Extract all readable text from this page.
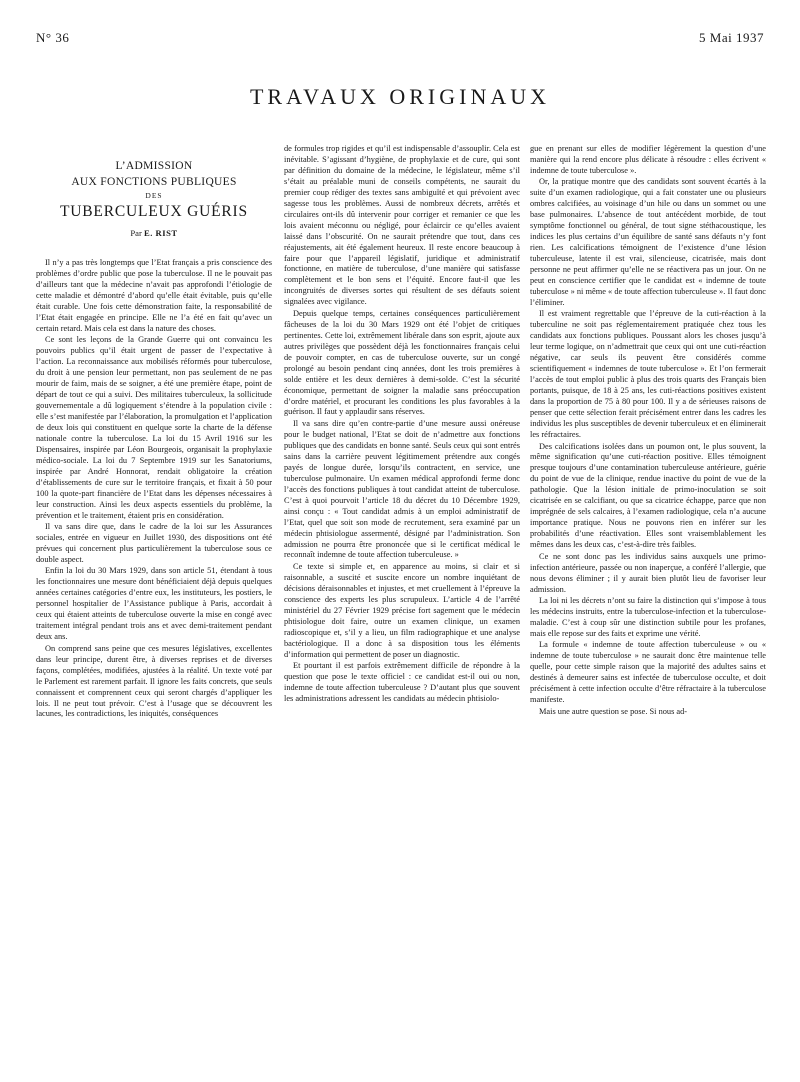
N° 36	5 Mai 1937
TRAVAUX ORIGINAUX
L’ADMISSION
AUX FONCTIONS PUBLIQUES
DES
TUBERCULEUX GUÉRIS
Par E. RIST

Il n’y a pas très longtemps que l’Etat français a pris conscience des problèmes d’ordre public que pose la tuberculose. Il ne le pouvait pas d’ailleurs tant que la médecine n’avait pas approfondi l’étiologie de cette maladie et démontré d’abord qu’elle était évitable, puis qu’elle était curable. Une fois cette démonstration faite, la responsabilité de l’Etat était engagée en principe. Elle ne l’a été en fait qu’avec un certain retard. Mais cela est dans la nature des choses.

Ce sont les leçons de la Grande Guerre qui ont convaincu les pouvoirs publics qu’il était urgent de passer de l’expectative à l’action. La reconnaissance aux mobilisés réformés pour tuberculose, du droit à une pension leur permettant, non pas seulement de ne pas mourir de faim, mais de se soigner, a été une première étape, point de départ de tout ce qui a suivi. Des militaires tuberculeux, la sollicitude gouvernementale a dû logiquement s’étendre à la population civile : elle s’est manifestée par l’élaboration, la promulgation et l’application de deux lois qui constituent en quelque sorte la charte de la défense nationale contre la tuberculose. La loi du 15 Avril 1916 sur les Dispensaires, inspirée par Léon Bourgeois, organisait la prophylaxie médico-sociale. La loi du 7 Septembre 1919 sur les Sanatoriums, inspirée par André Honnorat, rendait obligatoire la création d’établissements de cure sur le territoire français, et fixait à 50 pour 100 la quote-part financière de l’Etat dans les dépenses nécessaires à leur construction. Ainsi les deux aspects essentiels du problème, la prévention et le traitement, étaient pris en considération.

Il va sans dire que, dans le cadre de la loi sur les Assurances sociales, entrée en vigueur en Juillet 1930, des dispositions ont été prévues qui concernent plus particulièrement la tuberculose sous ce double aspect.

Enfin la loi du 30 Mars 1929, dans son article 51, étendant à tous les fonctionnaires une mesure dont bénéficiaient déjà depuis quelques années certaines catégories d’entre eux, les instituteurs, les postiers, le personnel hospitalier de l’Assistance publique à Paris, accordait à ceux qui étaient atteints de tuberculose ouverte la mise en congé avec traitement intégral pendant trois ans et avec demi-traitement pendant deux ans.

On comprend sans peine que ces mesures législatives, excellentes dans leur principe, durent être, à diverses reprises et de diverses façons, complétées, modifiées, ajustées à la réalité. Un texte voté par le Parlement est rarement parfait. Il ignore les faits concrets, que seuls connaissent et comprennent ceux qui seront chargés d’appliquer les lois. Il ne peut tout prévoir. C’est à l’usage que se découvrent les lacunes, les contradictions, les iniquités, conséquences

de formules trop rigides et qu’il est indispensable d’assouplir. Cela est inévitable. S’agissant d’hygiène, de prophylaxie et de cure, qui sont par définition du domaine de la médecine, le législateur, même s’il s’était au préalable muni de conseils compétents, ne saurait du premier coup rédiger des textes sans ambiguïté et qui prévoient avec sagesse tous les problèmes. Aussi de nombreux décrets, arrêtés et circulaires ont-ils dû intervenir pour corriger et remanier ce que les lois avaient méconnu ou négligé, pour éclaircir ce qu’elles avaient laissé dans l’obscurité. On ne saurait prétendre que tout, dans ces réajustements, ait été également heureux. Il reste encore beaucoup à faire pour que l’appareil législatif, juridique et administratif fonctionne, en matière de tuberculose, d’une manière qui satisfasse complètement et le bon sens et l’équité. Encore faut-il que les incongruités de diverses sortes qui résultent de ses défauts soient signalées avec vigilance.

Depuis quelque temps, certaines conséquences particulièrement fâcheuses de la loi du 30 Mars 1929 ont été l’objet de critiques pertinentes. Cette loi, extrêmement libérale dans son esprit, ajoute aux autres privilèges que possèdent déjà les fonctionnaires français celui de pouvoir compter, en cas de tuberculose ouverte, sur un congé prolongé au besoin pendant cinq années, dont les trois premières à solde entière et les deux dernières à demi-solde. C’est la sécurité économique, permettant de soigner la maladie sans préoccupation d’ordre matériel, et procurant les conditions les plus favorables à la guérison. Il faut y applaudir sans réserves.

Il va sans dire qu’en contre-partie d’une mesure aussi onéreuse pour le budget national, l’Etat se doit de n’admettre aux fonctions publiques que des candidats en bonne santé. Seuls ceux qui sont entrés sains dans la carrière peuvent légitimement prétendre aux congés payés de longue durée, lorsqu’ils contractent, en service, une tuberculose pulmonaire. Un examen médical approfondi ferme donc l’accès des fonctions publiques à tout candidat atteint de tuberculose. C’est à quoi pourvoit l’article 18 du décret du 10 Décembre 1929, ainsi conçu : « Tout candidat admis à un emploi administratif de l’Etat, quel que soit son mode de recrutement, sera examiné par un médecin phtisiologue assermenté, désigné par l’administration. Son admission ne pourra être prononcée que si le certificat médical le reconnaît indemne de toute affection tuberculeuse. »

Ce texte si simple et, en apparence au moins, si clair et si raisonnable, a suscité et suscite encore un nombre inquiétant de décisions déraisonnables et injustes, et met cruellement à l’épreuve la conscience des experts les plus scrupuleux. L’article 4 de l’arrêté ministériel du 27 Février 1929 précise fort sagement que le médecin phtisiologue doit faire, outre un examen clinique, un examen radioscopique et, s’il y a lieu, un film radiographique et une analyse bactériologique. Il a donc à sa disposition tous les éléments d’information qui permettent de poser un diagnostic.

Et pourtant il est parfois extrêmement difficile de répondre à la question que pose le texte officiel : ce candidat est-il oui ou non, indemne de toute affection tuberculeuse ? D’autant plus que souvent les administrations adressent les candidats au médecin phtisiolo-

gue en prenant sur elles de modifier légèrement la question d’une manière qui la rend encore plus délicate à résoudre : elles écrivent « indemne de toute tuberculose ».

Or, la pratique montre que des candidats sont souvent écartés à la suite d’un examen radiologique, qui a fait constater une ou plusieurs ombres calcifiées, au voisinage d’un hile ou dans un sommet ou une base pulmonaires. L’absence de tout antécédent morbide, de tout symptôme fonctionnel ou général, de tout signe stéthacoustique, les indices les plus certains d’un équilibre de santé sans défauts n’y font rien. Les calcifications témoignent de l’existence d’une lésion tuberculeuse, latente il est vrai, silencieuse, cicatrisée, mais dont personne ne peut affirmer qu’elle ne se réactivera pas un jour. On ne peut en conscience certifier que le candidat est « indemne de toute tuberculose » ni même « de toute affection tuberculeuse ». Il faut donc l’éliminer.

Il est vraiment regrettable que l’épreuve de la cuti-réaction à la tuberculine ne soit pas réglementairement pratiquée chez tous les candidats aux fonctions publiques. Poussant alors les choses jusqu’à leur terme logique, on n’admettrait que ceux qui ont une cuti-réaction négative, car seuls ils peuvent être considérés comme scientifiquement « indemnes de toute tuberculose ». Et l’on fermerait l’accès de tout emploi public à plus des trois quarts des Français bien portants, puisque, de 18 à 25 ans, les cuti-réactions positives existent dans la proportion de 75 à 80 pour 100. Il y a de sérieuses raisons de penser que cette sélection ferait précisément entrer dans les cadres les individus les plus susceptibles de devenir tuberculeux et en éliminerait les réfractaires.

Des calcifications isolées dans un poumon ont, le plus souvent, la même signification qu’une cuti-réaction positive. Elles témoignent presque toujours d’une contamination tuberculeuse antérieure, guérie du point de vue de la clinique, rendue inactive du point de vue de la pathologie. Que la lésion initiale de primo-inoculation se soit cicatrisée en se calcifiant, ou que sa cicatrice échappe, parce que non imprégnée de sels calcaires, à l’examen radiologique, cela n’a aucune importance pratique. Nous ne pouvons rien en inférer sur les probabilités d’une réactivation. Elles sont vraisemblablement les mêmes dans les deux cas, c’est-à-dire très faibles.

Ce ne sont donc pas les individus sains auxquels une primo-infection antérieure, passée ou non inaperçue, a conféré l’allergie, que nous devons éliminer ; il y aurait bien plutôt lieu de favoriser leur admission.

La loi ni les décrets n’ont su faire la distinction qui s’impose à tous les médecins instruits, entre la tuberculose-infection et la tuberculose-maladie. C’est à coup sûr une distinction subtile pour les profanes, mais elle repose sur des faits et exprime une vérité.

La formule « indemne de toute affection tuberculeuse » ou « indemne de toute tuberculose » ne saurait donc être maintenue telle quelle, pour cette simple raison que la majorité des adultes sains et destinés à demeurer sains est infectée de tuberculose occulte, et doit précisément à cette infection occulte d’être réfractaire à la tuberculose manifeste.

Mais une autre question se pose. Si nous ad-
